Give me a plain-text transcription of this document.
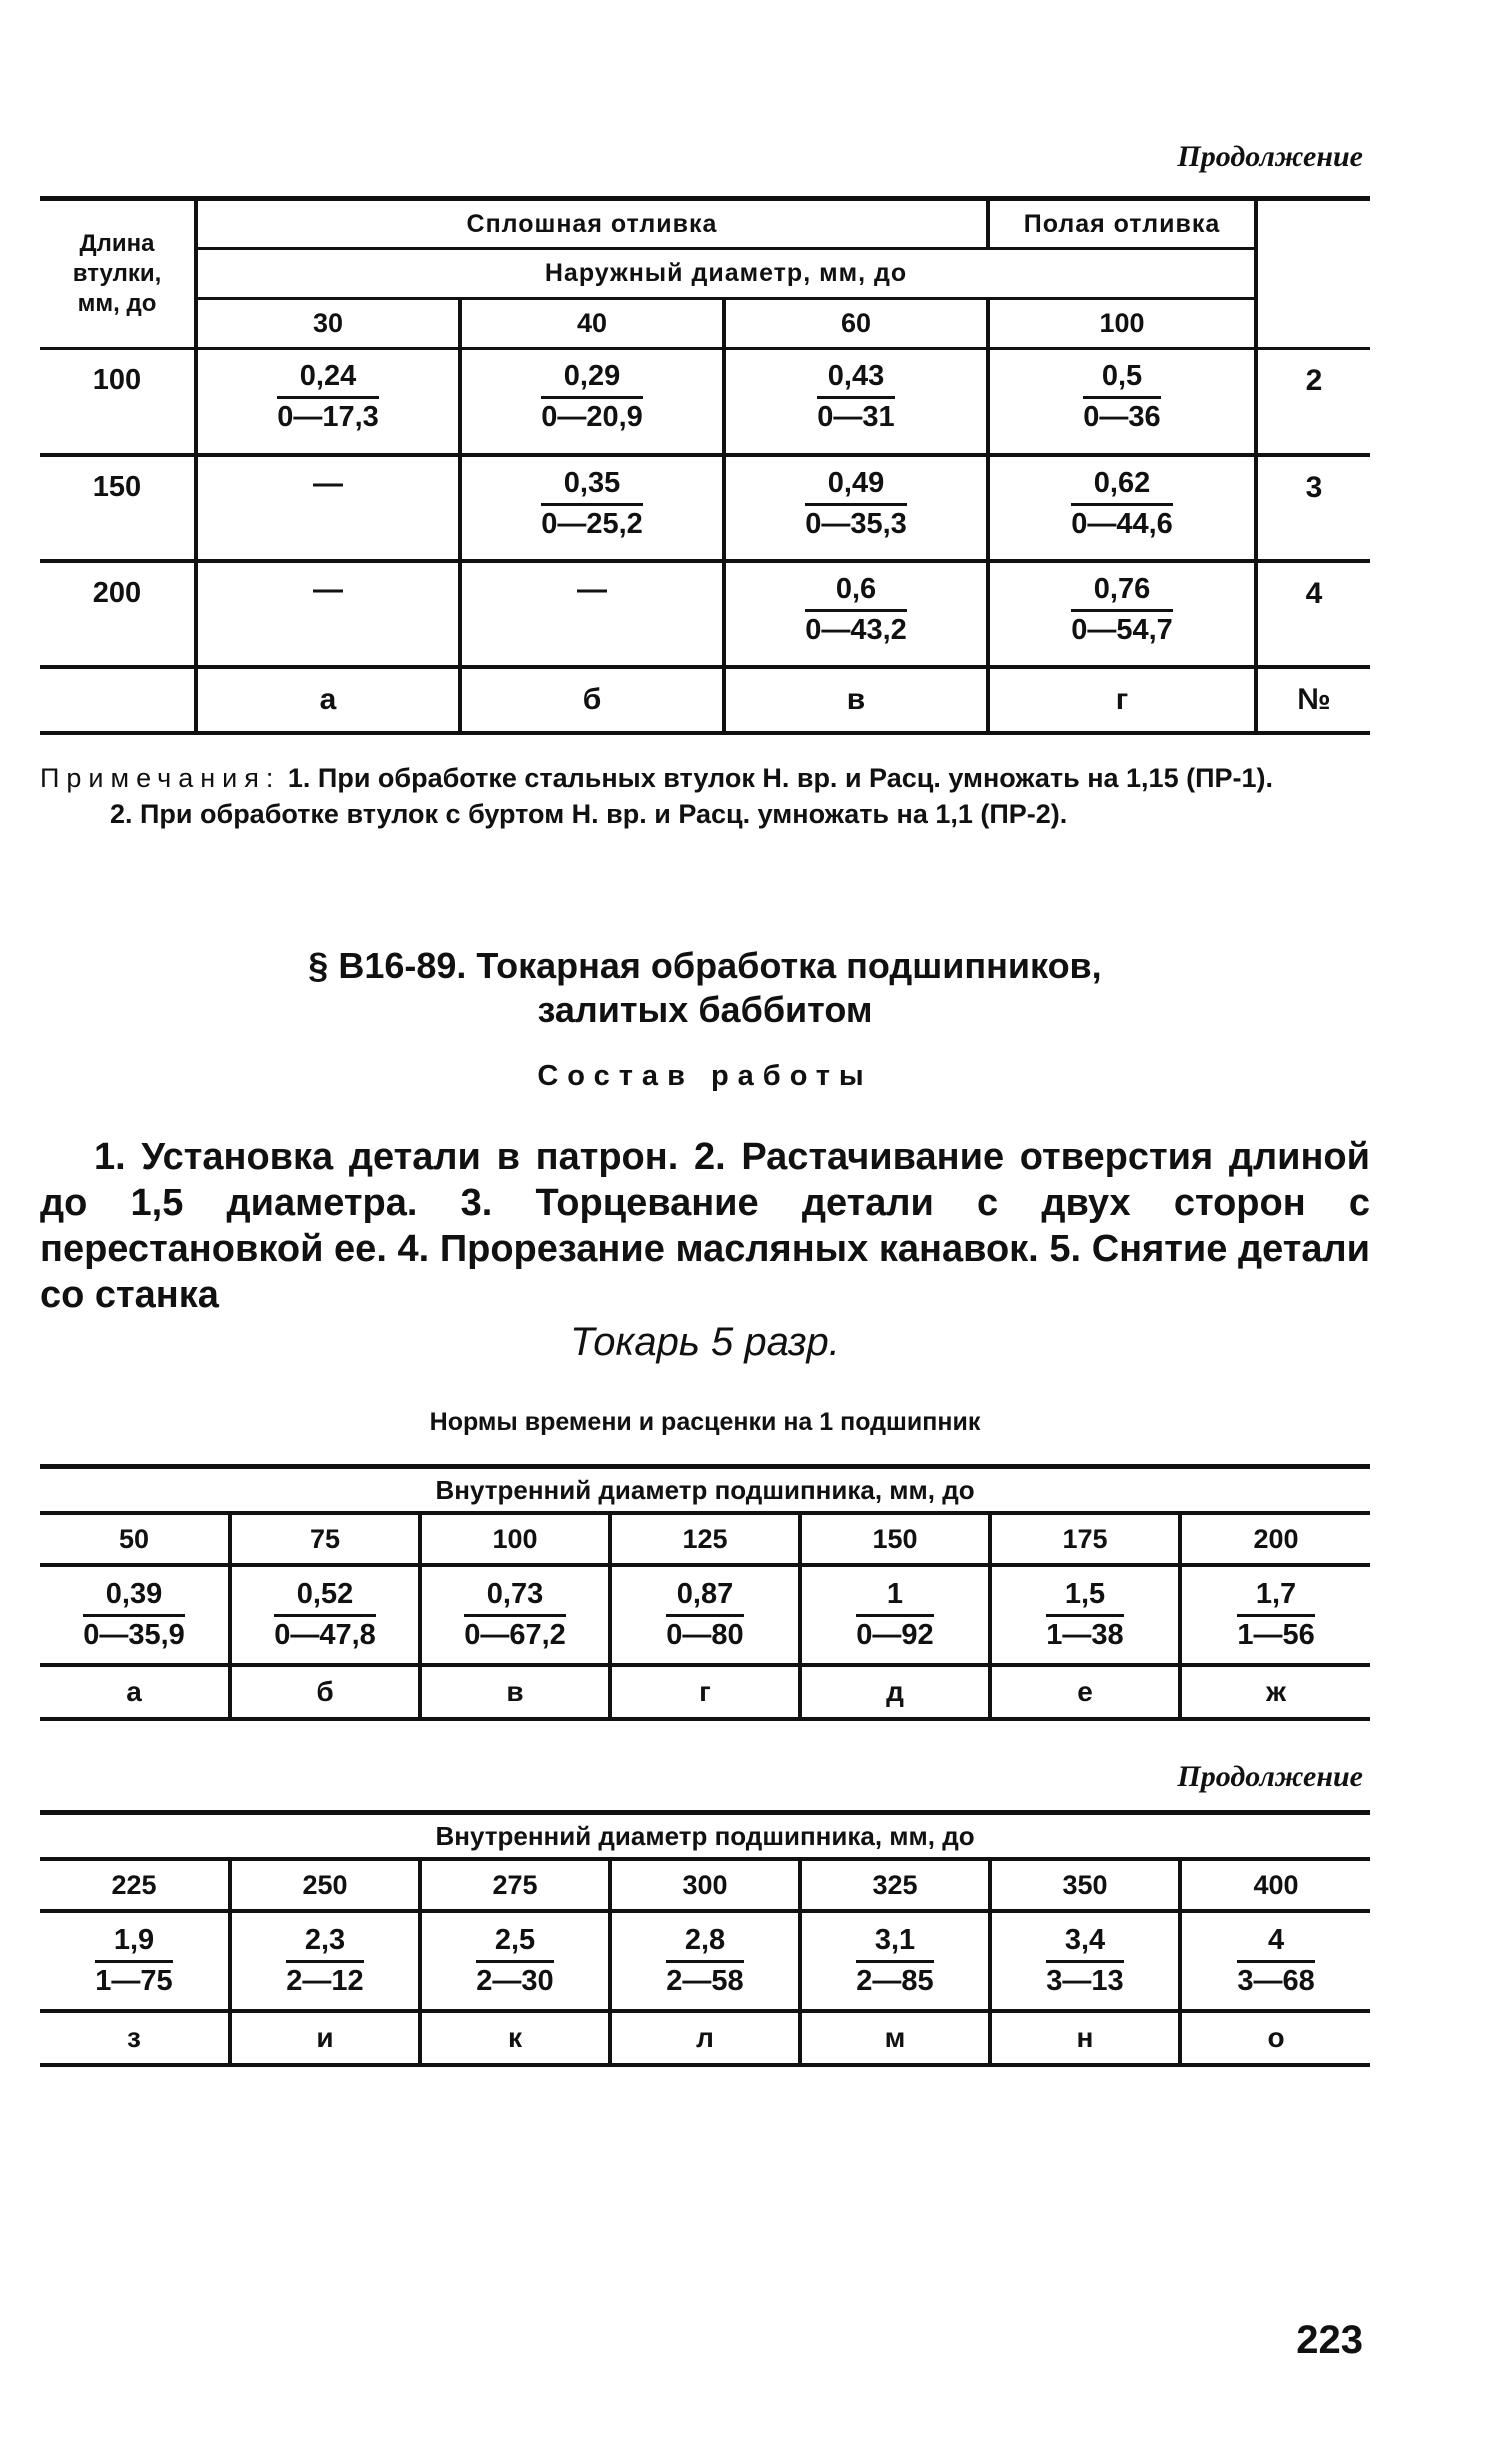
Продолжение
Длина
втулки,
мм, до	Сплошная отливка			Полая отливка	
	Наружный диаметр, мм, до				
	30	40	60	100	
100	$\frac{0,24}{0—17,3}$	$\frac{0,29}{0—20,9}$	$\frac{0,43}{0—31}$	$\frac{0,5}{0—36}$	2
150	—	$\frac{0,35}{0—25,2}$	$\frac{0,49}{0—35,3}$	$\frac{0,62}{0—44,6}$	3
200	—	—	$\frac{0,6}{0—43,2}$	$\frac{0,76}{0—54,7}$	4
	а	б	в	г	№
Примечания: 1. При обработке стальных втулок Н. вр. и Расц. умножать на 1,15 (ПР-1).
2. При обработке втулок с буртом Н. вр. и Расц. умножать на 1,1 (ПР-2).
§ В16-89. Токарная обработка подшипников,
залитых баббитом
Состав работы
1. Установка детали в патрон. 2. Растачивание отверстия длиной до 1,5 диаметра. 3. Торцевание детали с двух сторон с перестановкой ее. 4. Прорезание масляных канавок. 5. Снятие детали со станка
Токарь 5 разр.
Нормы времени и расценки на 1 подшипник
Внутренний диаметр подшипника, мм, до						
50	75	100	125	150	175	200

$\frac{0,39}{0—35,9}$	$\frac{0,52}{0—47,8}$	$\frac{0,73}{0—67,2}$	$\frac{0,87}{0—80}$	$\frac{1}{0—92}$	$\frac{1,5}{1—38}$	$\frac{1,7}{1—56}$

а	б	в	г	д	е	ж
Продолжение
Внутренний диаметр подшипника, мм, до						
225	250	275	300	325	350	400

$\frac{1,9}{1—75}$	$\frac{2,3}{2—12}$	$\frac{2,5}{2—30}$	$\frac{2,8}{2—58}$	$\frac{3,1}{2—85}$	$\frac{3,4}{3—13}$	$\frac{4}{3—68}$

з	и	к	л	м	н	о
223
